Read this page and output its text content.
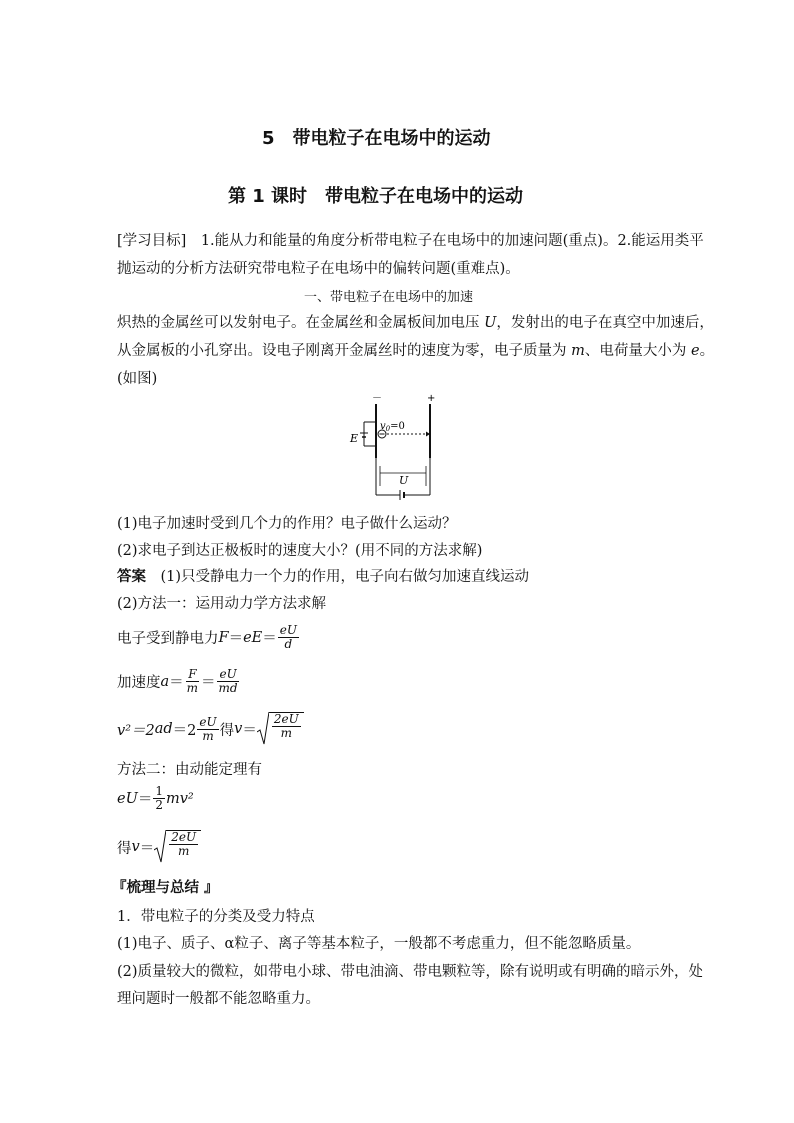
5　带电粒子在电场中的运动
第 1 课时　带电粒子在电场中的运动
[学习目标]　1.能从力和能量的角度分析带电粒子在电场中的加速问题(重点)。2.能运用类平
抛运动的分析方法研究带电粒子在电场中的偏转问题(重难点)。
一、带电粒子在电场中的加速
炽热的金属丝可以发射电子。在金属丝和金属板间加电压 U，发射出的电子在真空中加速后，
从金属板的小孔穿出。设电子刚离开金属丝时的速度为零，电子质量为 m、电荷量大小为 e。
(如图)
－	+
E
$v_0=0$
U
(1)电子加速时受到几个力的作用？电子做什么运动？
(2)求电子到达正极板时的速度大小？(用不同的方法求解)
答案　(1)只受静电力一个力的作用，电子向右做匀加速直线运动
(2)方法一：运用动力学方法求解
电子受到静电力 F ＝ eE ＝ $\frac{eU}{d}$
加速度 $a = \frac{F}{m} = \frac{eU}{md}$
v²＝2 ad $=2 \frac{eU}{m}$ 得 $v = \frac{2eU}{m}$
方法二：由动能定理有
eU ＝ $\frac{1}{2} mv^2$
得 $v = \frac{2eU}{m}$
『梳理与总结 』
1．带电粒子的分类及受力特点
(1)电子、质子、α粒子、离子等基本粒子，一般都不考虑重力，但不能忽略质量。
(2)质量较大的微粒，如带电小球、带电油滴、带电颗粒等，除有说明或有明确的暗示外，处
理问题时一般都不能忽略重力。
